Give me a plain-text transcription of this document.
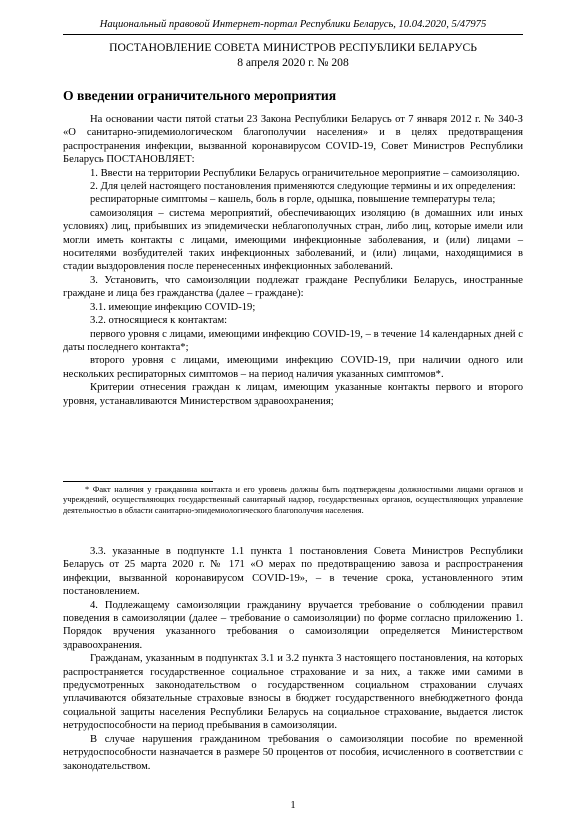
Национальный правовой Интернет-портал Республики Беларусь, 10.04.2020, 5/47975
ПОСТАНОВЛЕНИЕ СОВЕТА МИНИСТРОВ РЕСПУБЛИКИ БЕЛАРУСЬ
8 апреля 2020 г. № 208
О введении ограничительного мероприятия

На основании части пятой статьи 23 Закона Республики Беларусь от 7 января 2012 г. № 340-З «О санитарно-эпидемиологическом благополучии населения» и в целях предотвращения распространения инфекции, вызванной коронавирусом COVID-19, Совет Министров Республики Беларусь ПОСТАНОВЛЯЕТ:

1. Ввести на территории Республики Беларусь ограничительное мероприятие – самоизоляцию.

2. Для целей настоящего постановления применяются следующие термины и их определения:

респираторные симптомы – кашель, боль в горле, одышка, повышение температуры тела;

самоизоляция – система мероприятий, обеспечивающих изоляцию (в домашних или иных условиях) лиц, прибывших из эпидемически неблагополучных стран, либо лиц, которые имели или могли иметь контакты с лицами, имеющими инфекционные заболевания, и (или) лицами – носителями возбудителей таких инфекционных заболеваний, и (или) лицами, находящимися в стадии выздоровления после перенесенных инфекционных заболеваний.

3. Установить, что самоизоляции подлежат граждане Республики Беларусь, иностранные граждане и лица без гражданства (далее – граждане):

3.1. имеющие инфекцию COVID-19;

3.2. относящиеся к контактам:

первого уровня с лицами, имеющими инфекцию COVID-19, – в течение 14 календарных дней с даты последнего контакта*;

второго уровня с лицами, имеющими инфекцию COVID-19, при наличии одного или нескольких респираторных симптомов – на период наличия указанных симптомов*.

Критерии отнесения граждан к лицам, имеющим указанные контакты первого и второго уровня, устанавливаются Министерством здравоохранения;

* Факт наличия у гражданина контакта и его уровень должны быть подтверждены должностными лицами органов и учреждений, осуществляющих государственный санитарный надзор, государственных органов, осуществляющих управление деятельностью в области санитарно-эпидемиологического благополучия населения.

3.3. указанные в подпункте 1.1 пункта 1 постановления Совета Министров Республики Беларусь от 25 марта 2020 г. № 171 «О мерах по предотвращению завоза и распространения инфекции, вызванной коронавирусом COVID-19», – в течение срока, установленного этим постановлением.

4. Подлежащему самоизоляции гражданину вручается требование о соблюдении правил поведения в самоизоляции (далее – требование о самоизоляции) по форме согласно приложению 1. Порядок вручения указанного требования о самоизоляции определяется Министерством здравоохранения.

Гражданам, указанным в подпунктах 3.1 и 3.2 пункта 3 настоящего постановления, на которых распространяется государственное социальное страхование и за них, а также ими самими в предусмотренных законодательством о государственном социальном страховании случаях уплачиваются обязательные страховые взносы в бюджет государственного внебюджетного фонда социальной защиты населения Республики Беларусь на социальное страхование, выдается листок нетрудоспособности на период пребывания в самоизоляции.

В случае нарушения гражданином требования о самоизоляции пособие по временной нетрудоспособности назначается в размере 50 процентов от пособия, исчисленного в соответствии с законодательством.

1
